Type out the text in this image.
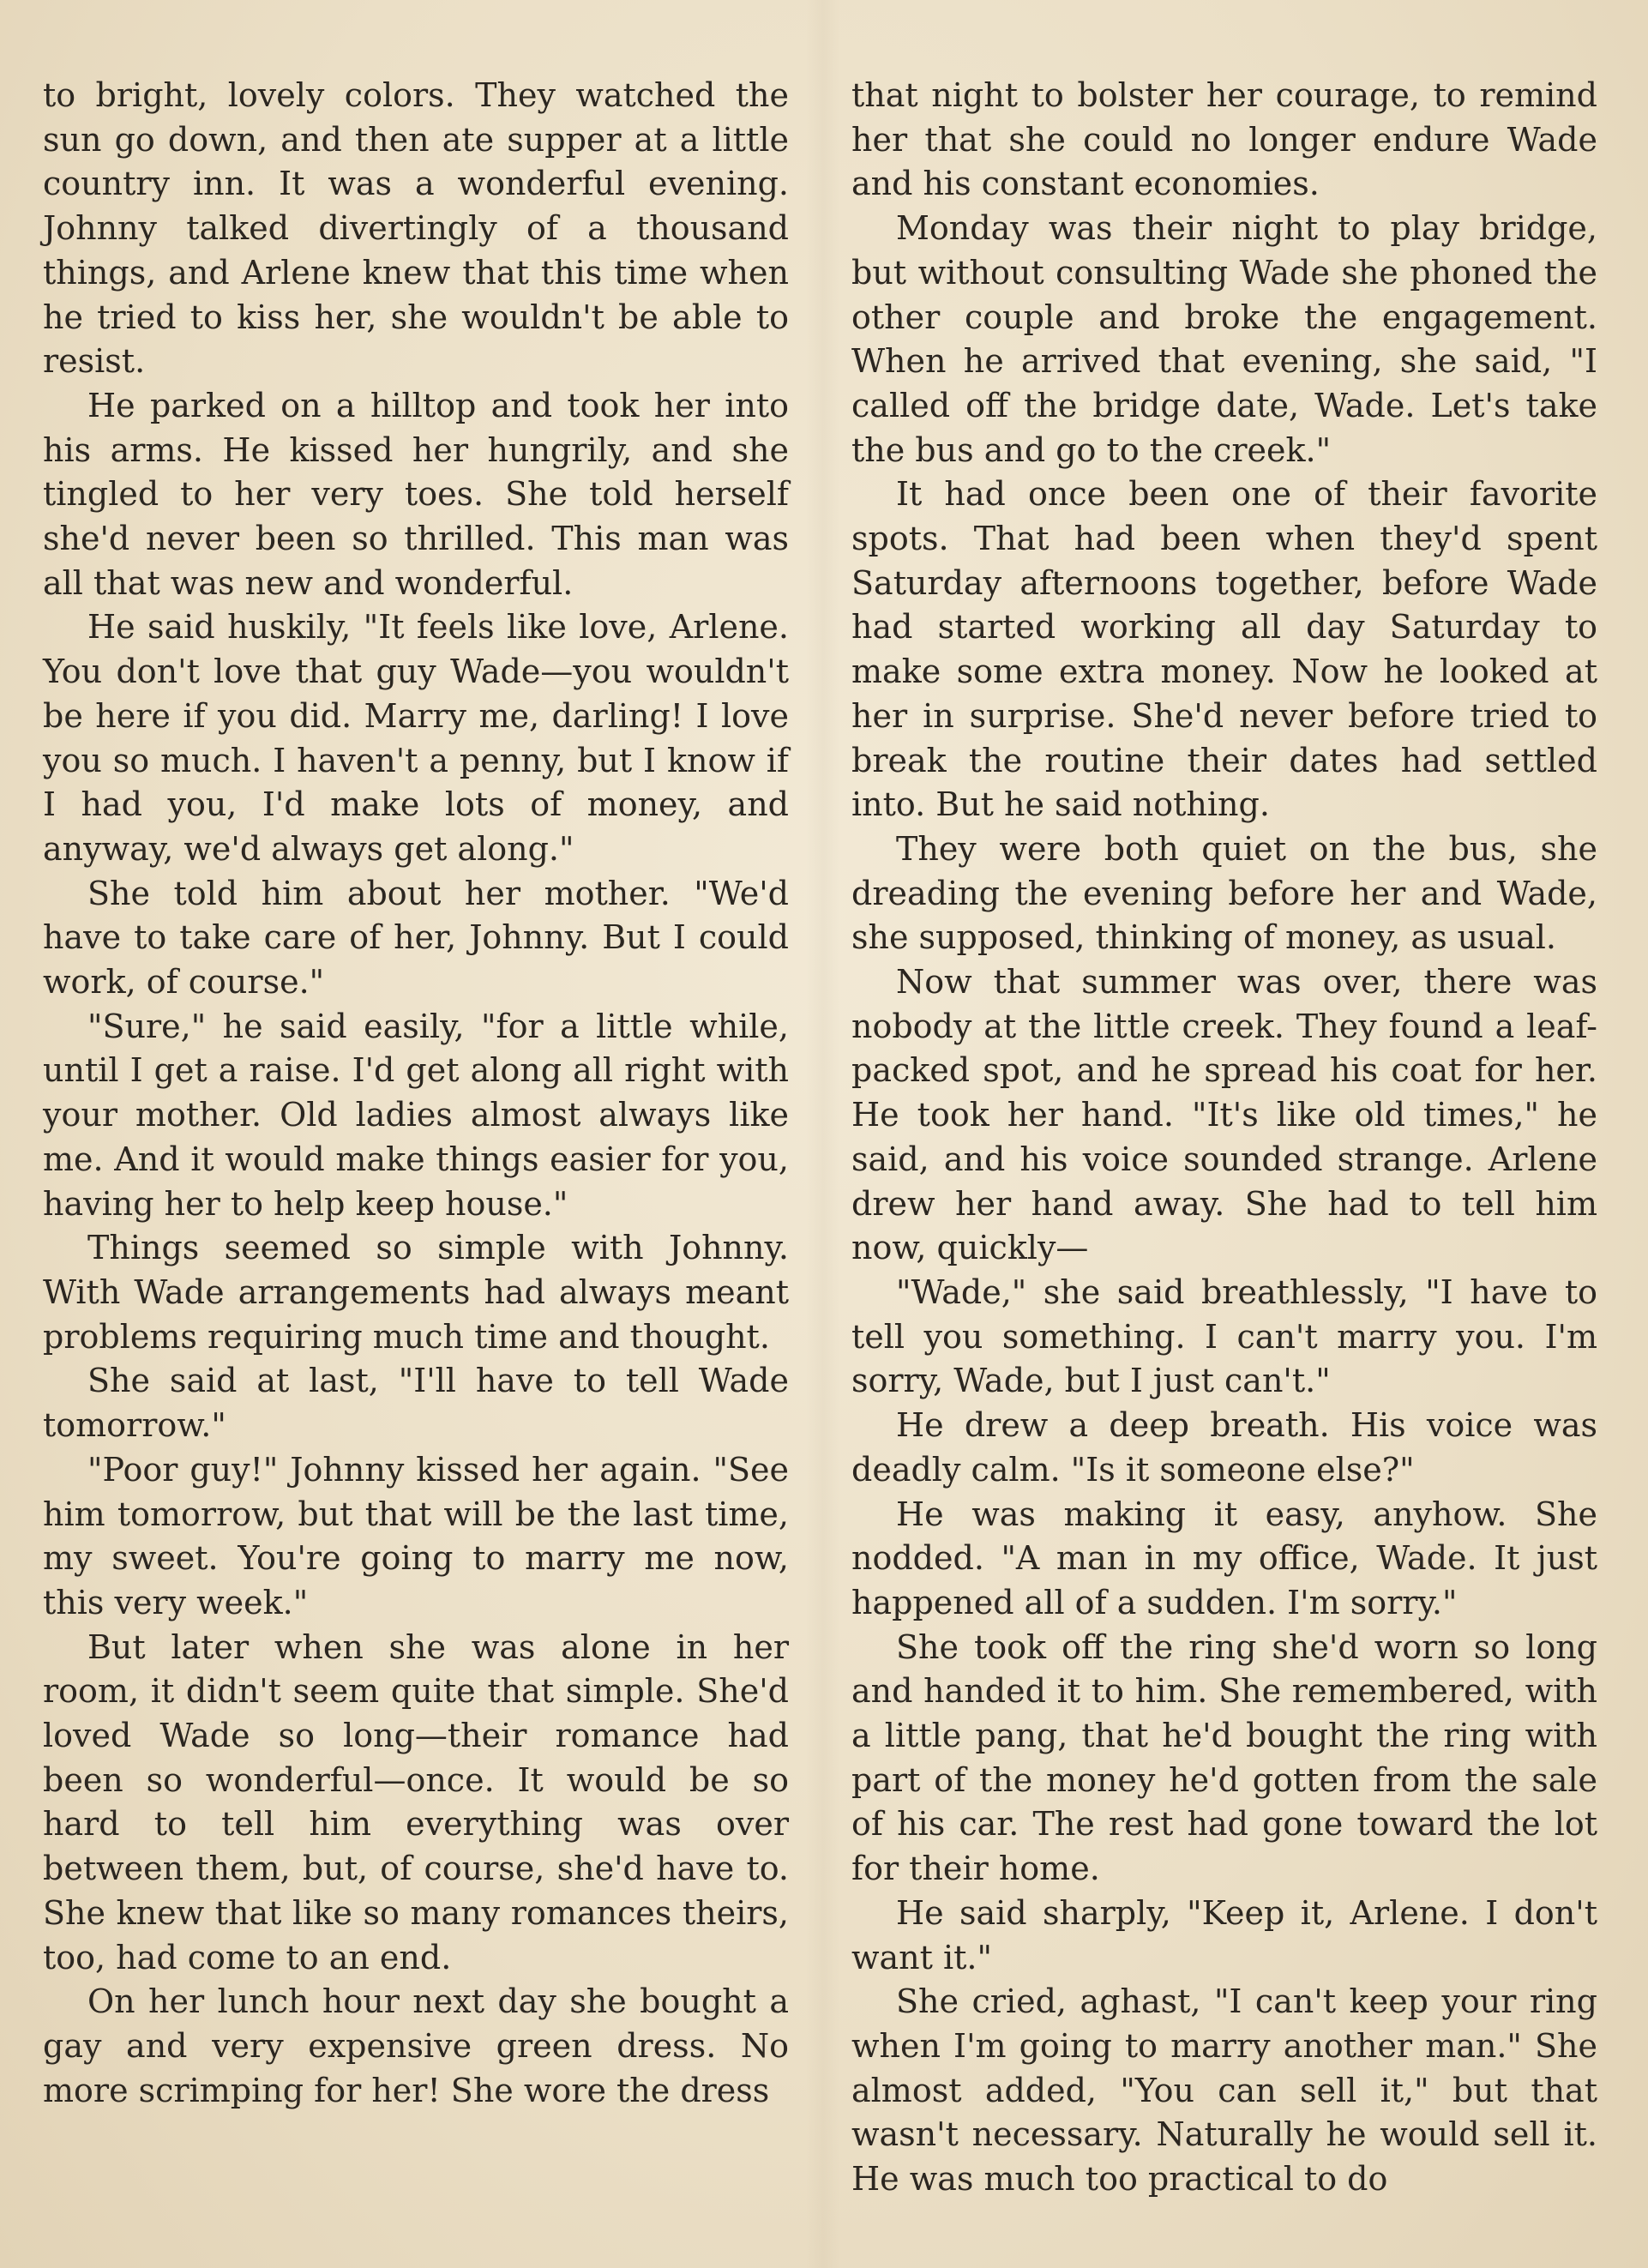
to bright, lovely colors. They watched the sun go down, and then ate supper at a little country inn. It was a wonderful evening. Johnny talked divertingly of a thousand things, and Arlene knew that this time when he tried to kiss her, she wouldn't be able to resist.

He parked on a hilltop and took her into his arms. He kissed her hungrily, and she tingled to her very toes. She told herself she'd never been so thrilled. This man was all that was new and wonderful.

He said huskily, "It feels like love, Arlene. You don't love that guy Wade—you wouldn't be here if you did. Marry me, darling! I love you so much. I haven't a penny, but I know if I had you, I'd make lots of money, and anyway, we'd always get along."

She told him about her mother. "We'd have to take care of her, Johnny. But I could work, of course."

"Sure," he said easily, "for a little while, until I get a raise. I'd get along all right with your mother. Old ladies almost always like me. And it would make things easier for you, having her to help keep house."

Things seemed so simple with Johnny. With Wade arrangements had always meant problems requiring much time and thought.

She said at last, "I'll have to tell Wade tomorrow."

"Poor guy!" Johnny kissed her again. "See him tomorrow, but that will be the last time, my sweet. You're going to marry me now, this very week."

But later when she was alone in her room, it didn't seem quite that simple. She'd loved Wade so long—their romance had been so wonderful—once. It would be so hard to tell him everything was over between them, but, of course, she'd have to. She knew that like so many romances theirs, too, had come to an end.

On her lunch hour next day she bought a gay and very expensive green dress. No more scrimping for her! She wore the dress

that night to bolster her courage, to remind her that she could no longer endure Wade and his constant economies.

Monday was their night to play bridge, but without consulting Wade she phoned the other couple and broke the engagement. When he arrived that evening, she said, "I called off the bridge date, Wade. Let's take the bus and go to the creek."

It had once been one of their favorite spots. That had been when they'd spent Saturday afternoons together, before Wade had started working all day Saturday to make some extra money. Now he looked at her in surprise. She'd never before tried to break the routine their dates had settled into. But he said nothing.

They were both quiet on the bus, she dreading the evening before her and Wade, she supposed, thinking of money, as usual.

Now that summer was over, there was nobody at the little creek. They found a leaf-packed spot, and he spread his coat for her. He took her hand. "It's like old times," he said, and his voice sounded strange. Arlene drew her hand away. She had to tell him now, quickly—

"Wade," she said breathlessly, "I have to tell you something. I can't marry you. I'm sorry, Wade, but I just can't."

He drew a deep breath. His voice was deadly calm. "Is it someone else?"

He was making it easy, anyhow. She nodded. "A man in my office, Wade. It just happened all of a sudden. I'm sorry."

She took off the ring she'd worn so long and handed it to him. She remembered, with a little pang, that he'd bought the ring with part of the money he'd gotten from the sale of his car. The rest had gone toward the lot for their home.

He said sharply, "Keep it, Arlene. I don't want it."

She cried, aghast, "I can't keep your ring when I'm going to marry another man." She almost added, "You can sell it," but that wasn't necessary. Naturally he would sell it. He was much too practical to do
